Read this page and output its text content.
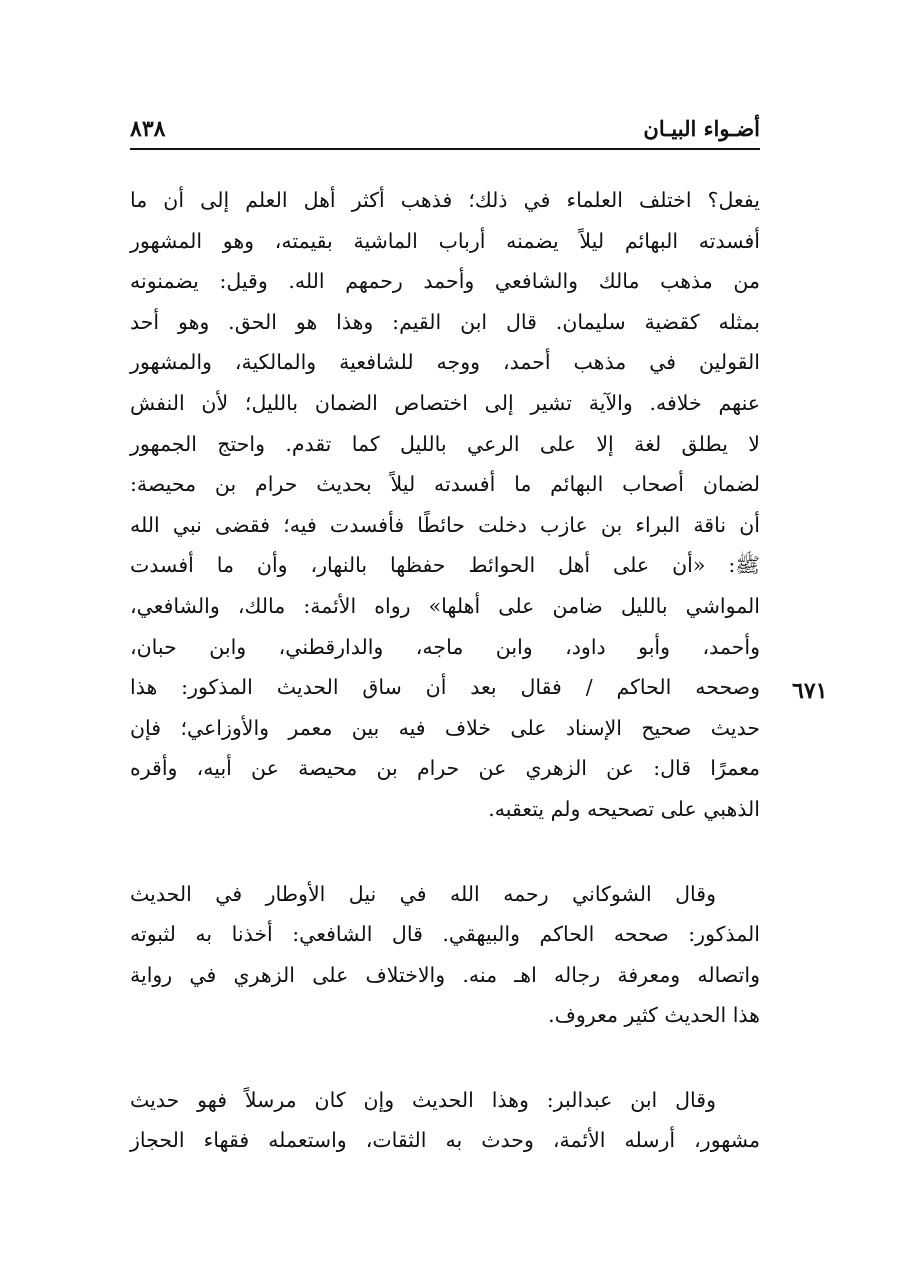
أضـواء البيـان
٨٣٨
٦٧١
يفعل؟ اختلف العلماء في ذلك؛ فذهب أكثر أهل العلم إلى أن ما
أفسدته البهائم ليلاً يضمنه أرباب الماشية بقيمته، وهو المشهور
من مذهب مالك والشافعي وأحمد رحمهم الله. وقيل: يضمنونه
بمثله كقضية سليمان. قال ابن القيم: وهذا هو الحق. وهو أحد
القولين في مذهب أحمد، ووجه للشافعية والمالكية، والمشهور
عنهم خلافه. والآية تشير إلى اختصاص الضمان بالليل؛ لأن النفش
لا يطلق لغة إلا على الرعي بالليل كما تقدم. واحتج الجمهور
لضمان أصحاب البهائم ما أفسدته ليلاً بحديث حرام بن محيصة:
أن ناقة البراء بن عازب دخلت حائطًا فأفسدت فيه؛ فقضى نبي الله
ﷺ: «أن على أهل الحوائط حفظها بالنهار، وأن ما أفسدت
المواشي بالليل ضامن على أهلها» رواه الأئمة: مالك، والشافعي،
وأحمد، وأبو داود، وابن ماجه، والدارقطني، وابن حبان،
وصححه الحاكم / فقال بعد أن ساق الحديث المذكور: هذا
حديث صحيح الإسناد على خلاف فيه بين معمر والأوزاعي؛ فإن
معمرًا قال: عن الزهري عن حرام بن محيصة عن أبيه، وأقره
الذهبي على تصحيحه ولم يتعقبه.
وقال الشوكاني رحمه الله في نيل الأوطار في الحديث
المذكور: صححه الحاكم والبيهقي. قال الشافعي: أخذنا به لثبوته
واتصاله ومعرفة رجاله اهـ منه. والاختلاف على الزهري في رواية
هذا الحديث كثير معروف.
وقال ابن عبدالبر: وهذا الحديث وإن كان مرسلاً فهو حديث
مشهور، أرسله الأئمة، وحدث به الثقات، واستعمله فقهاء الحجاز
